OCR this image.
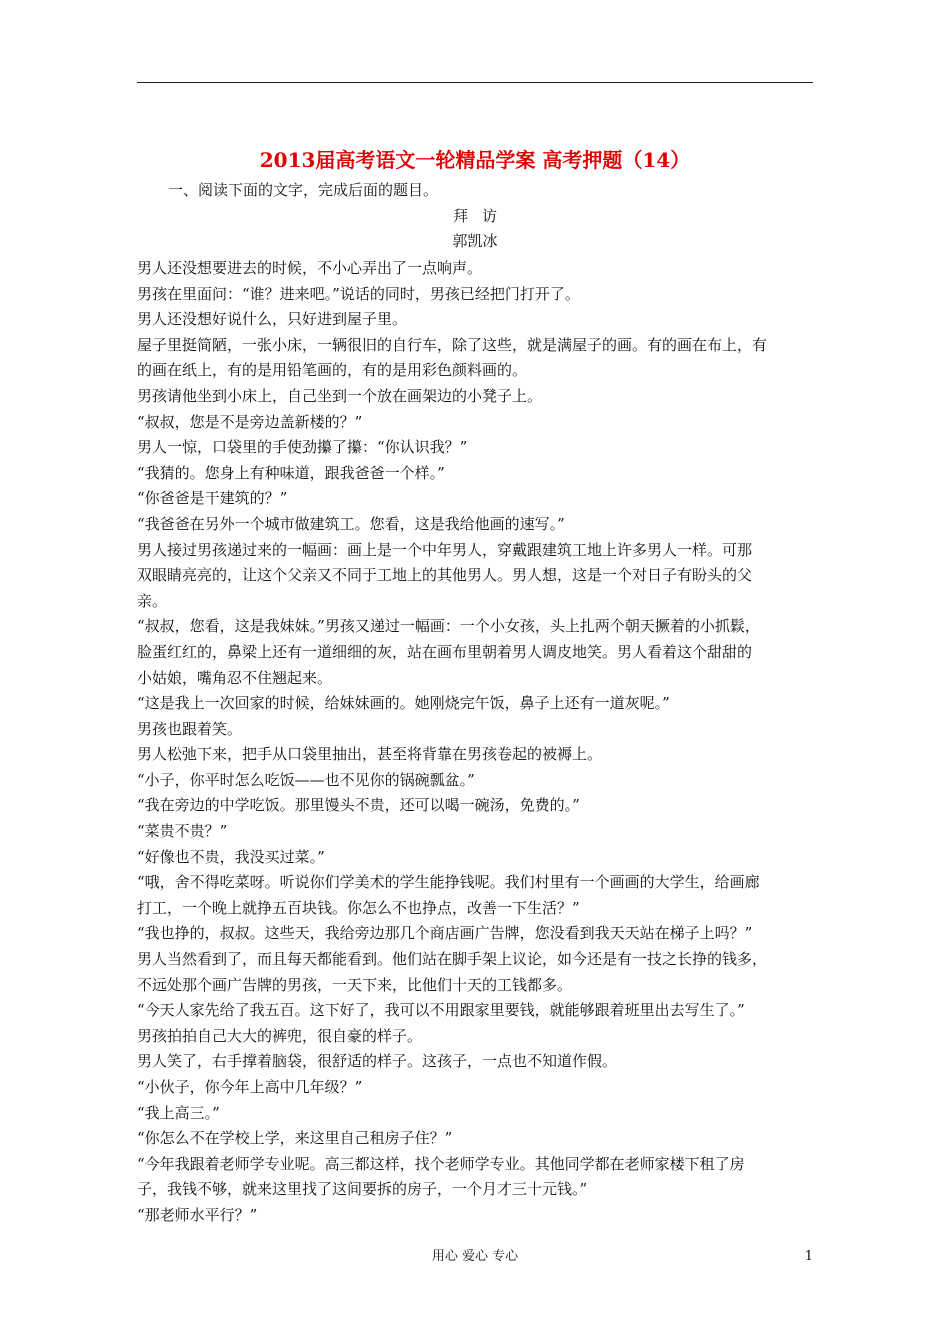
2013届高考语文一轮精品学案 高考押题（14）
一、阅读下面的文字，完成后面的题目。
拜访
郭凯冰

男人还没想要进去的时候，不小心弄出了一点响声。

男孩在里面问：“谁？进来吧。”说话的同时，男孩已经把门打开了。

男人还没想好说什么，只好进到屋子里。

屋子里挺简陋，一张小床，一辆很旧的自行车，除了这些，就是满屋子的画。有的画在布上，有

的画在纸上，有的是用铅笔画的，有的是用彩色颜料画的。

男孩请他坐到小床上，自己坐到一个放在画架边的小凳子上。

“叔叔，您是不是旁边盖新楼的？”

男人一惊，口袋里的手使劲攥了攥：“你认识我？”

“我猜的。您身上有种味道，跟我爸爸一个样。”

“你爸爸是干建筑的？”

“我爸爸在另外一个城市做建筑工。您看，这是我给他画的速写。”

男人接过男孩递过来的一幅画：画上是一个中年男人，穿戴跟建筑工地上许多男人一样。可那

双眼睛亮亮的，让这个父亲又不同于工地上的其他男人。男人想，这是一个对日子有盼头的父

亲。

“叔叔，您看，这是我妹妹。”男孩又递过一幅画：一个小女孩，头上扎两个朝天撅着的小抓鬏，

脸蛋红红的，鼻梁上还有一道细细的灰，站在画布里朝着男人调皮地笑。男人看着这个甜甜的

小姑娘，嘴角忍不住翘起来。

“这是我上一次回家的时候，给妹妹画的。她刚烧完午饭，鼻子上还有一道灰呢。”

男孩也跟着笑。

男人松弛下来，把手从口袋里抽出，甚至将背靠在男孩卷起的被褥上。

“小子，你平时怎么吃饭——也不见你的锅碗瓢盆。”

“我在旁边的中学吃饭。那里馒头不贵，还可以喝一碗汤，免费的。”

“菜贵不贵？”

“好像也不贵，我没买过菜。”

“哦，舍不得吃菜呀。听说你们学美术的学生能挣钱呢。我们村里有一个画画的大学生，给画廊

打工，一个晚上就挣五百块钱。你怎么不也挣点，改善一下生活？”

“我也挣的，叔叔。这些天，我给旁边那几个商店画广告牌，您没看到我天天站在梯子上吗？”

男人当然看到了，而且每天都能看到。他们站在脚手架上议论，如今还是有一技之长挣的钱多，

不远处那个画广告牌的男孩，一天下来，比他们十天的工钱都多。

“今天人家先给了我五百。这下好了，我可以不用跟家里要钱，就能够跟着班里出去写生了。”

男孩拍拍自己大大的裤兜，很自豪的样子。

男人笑了，右手撑着脑袋，很舒适的样子。这孩子，一点也不知道作假。

“小伙子，你今年上高中几年级？”

“我上高三。”

“你怎么不在学校上学，来这里自己租房子住？”

“今年我跟着老师学专业呢。高三都这样，找个老师学专业。其他同学都在老师家楼下租了房

子，我钱不够，就来这里找了这间要拆的房子，一个月才三十元钱。”

“那老师水平行？”

用心 爱心 专心	1
